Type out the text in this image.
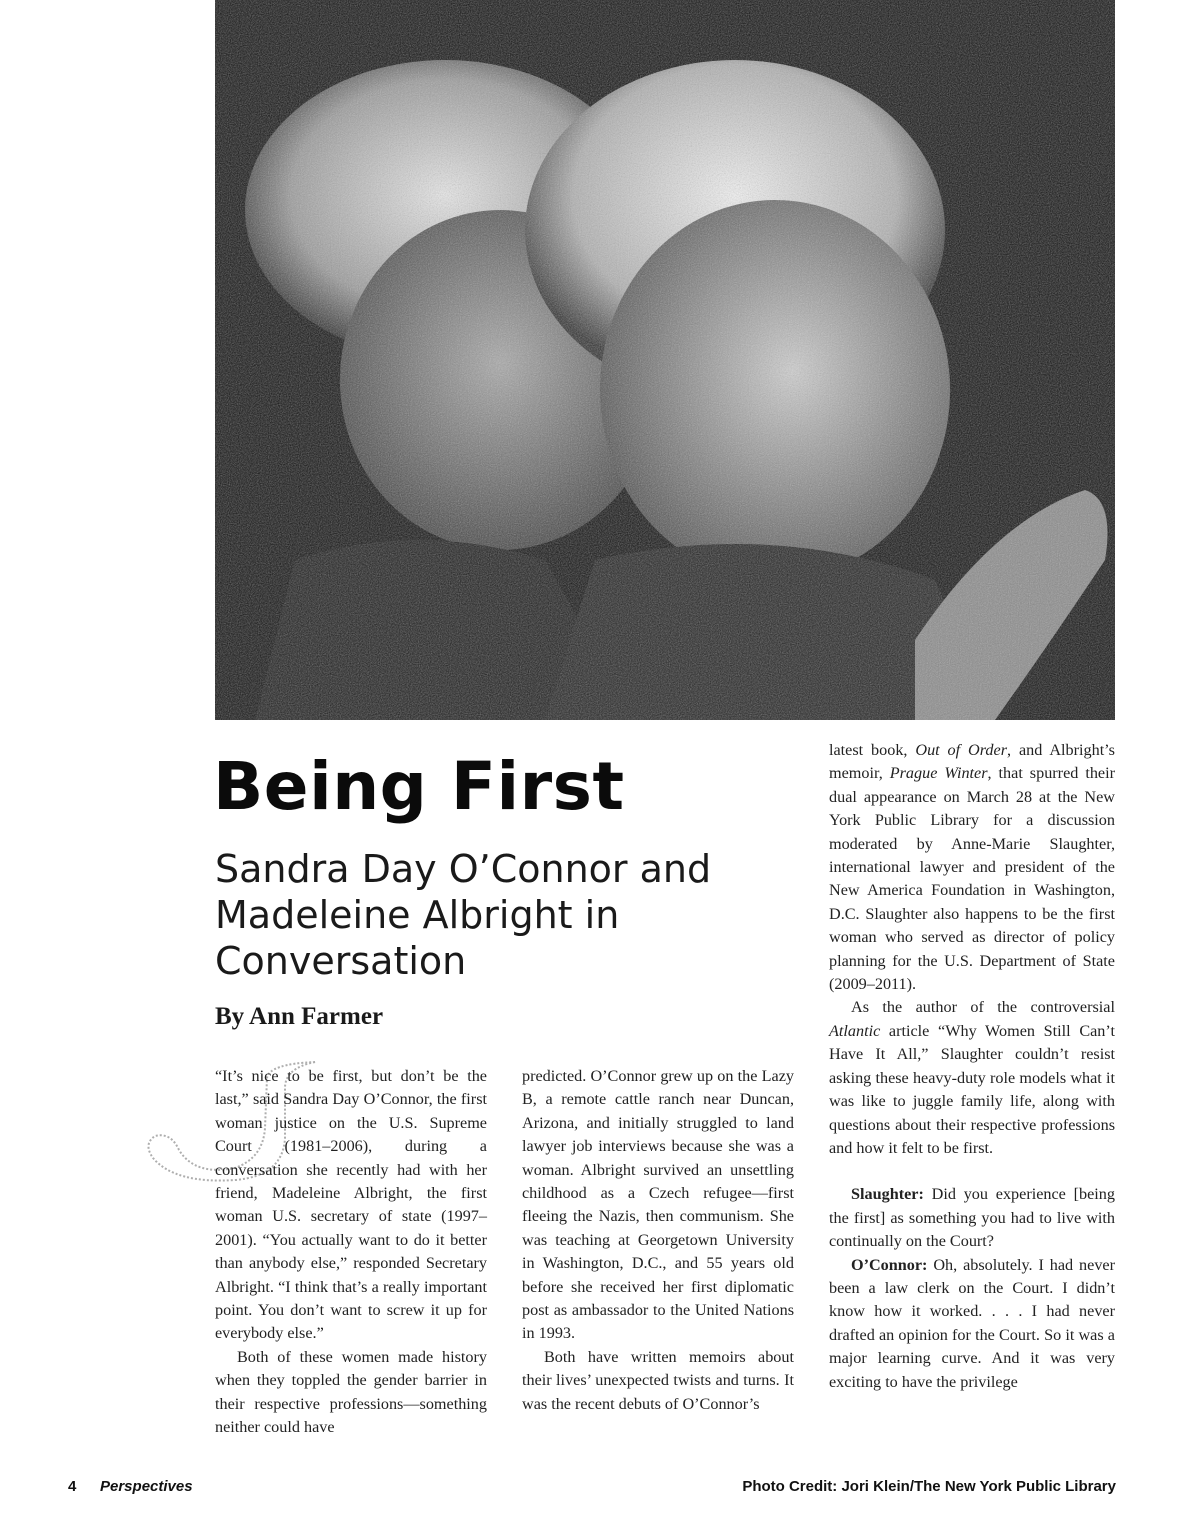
Being First
Sandra Day O’Connor and Madeleine Albright in Conversation
By Ann Farmer

“It’s nice to be first, but don’t be the last,” said Sandra Day O’Connor, the first woman justice on the U.S. Supreme Court (1981–2006), during a conversation she recently had with her friend, Madeleine Albright, the first woman U.S. secretary of state (1997–2001). “You actually want to do it better than anybody else,” responded Secretary Albright. “I think that’s a really important point. You don’t want to screw it up for everybody else.”

Both of these women made history when they toppled the gender barrier in their respective professions—something neither could have

predicted. O’Connor grew up on the Lazy B, a remote cattle ranch near Duncan, Arizona, and initially struggled to land lawyer job interviews because she was a woman. Albright survived an unsettling childhood as a Czech refugee—first fleeing the Nazis, then communism. She was teaching at Georgetown University in Washington, D.C., and 55 years old before she received her first diplomatic post as ambassador to the United Nations in 1993.

Both have written memoirs about their lives’ unexpected twists and turns. It was the recent debuts of O’Connor’s

latest book, Out of Order, and Albright’s memoir, Prague Winter, that spurred their dual appearance on March 28 at the New York Public Library for a discussion moderated by Anne-Marie Slaughter, international lawyer and president of the New America Foundation in Washington, D.C. Slaughter also happens to be the first woman who served as director of policy planning for the U.S. Department of State (2009–2011).

As the author of the controversial Atlantic article “Why Women Still Can’t Have It All,” Slaughter couldn’t resist asking these heavy-duty role models what it was like to juggle family life, along with questions about their respective professions and how it felt to be first.

Slaughter: Did you experience [being the first] as something you had to live with continually on the Court?

O’Connor: Oh, absolutely. I had never been a law clerk on the Court. I didn’t know how it worked. . . . I had never drafted an opinion for the Court. So it was a major learning curve. And it was very exciting to have the privilege

4 Perspectives	Photo Credit: Jori Klein/The New York Public Library
